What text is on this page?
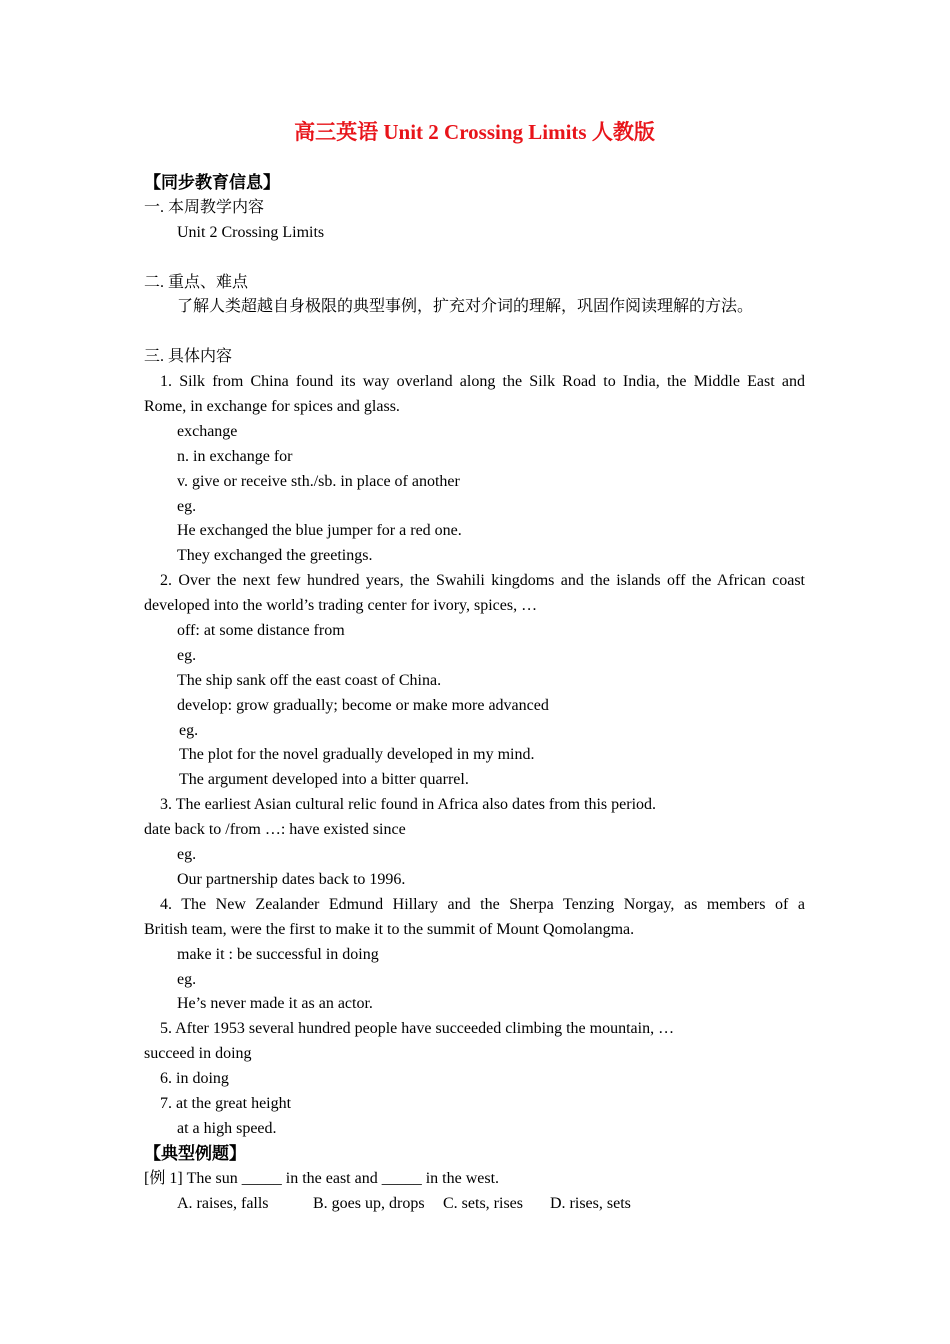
高三英语 Unit 2 Crossing Limits 人教版
【同步教育信息】
一. 本周教学内容
Unit 2 Crossing Limits
二. 重点、难点
了解人类超越自身极限的典型事例，扩充对介词的理解，巩固作阅读理解的方法。
三. 具体内容
1. Silk from China found its way overland along the Silk Road to India, the Middle East and
Rome, in exchange for spices and glass.
exchange
n. in exchange for
v. give or receive sth./sb. in place of another
eg.
He exchanged the blue jumper for a red one.
They exchanged the greetings.
2. Over the next few hundred years, the Swahili kingdoms and the islands off the African coast
developed into the world’s trading center for ivory, spices, …
off: at some distance from
eg.
The ship sank off the east coast of China.
develop: grow gradually; become or make more advanced
eg.
The plot for the novel gradually developed in my mind.
The argument developed into a bitter quarrel.
3. The earliest Asian cultural relic found in Africa also dates from this period.
date back to /from …: have existed since
eg.
Our partnership dates back to 1996.
4. The New Zealander Edmund Hillary and the Sherpa Tenzing Norgay, as members of a
British team, were the first to make it to the summit of Mount Qomolangma.
make it : be successful in doing
eg.
He’s never made it as an actor.
5. After 1953 several hundred people have succeeded climbing the mountain, …
succeed in doing
6. in doing
7. at the great height
at a high speed.
【典型例题】
[例 1] The sun _____ in the east and _____ in the west.
A. raises, falls	B. goes up, drops C. sets, rises D. rises, sets
